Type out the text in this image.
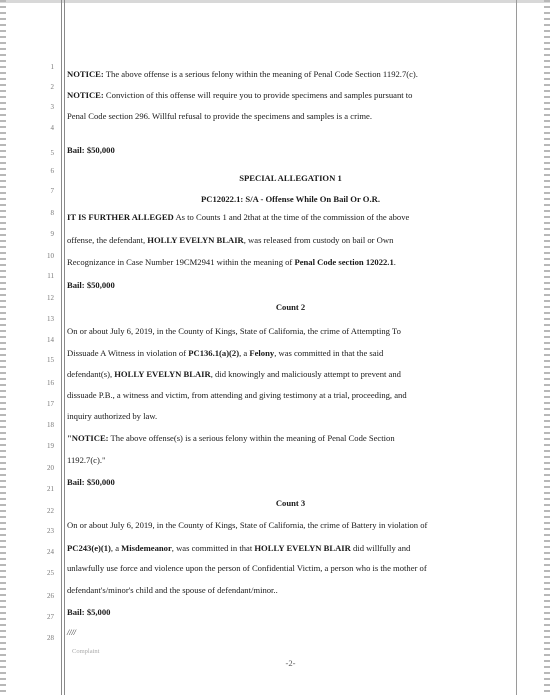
1
2
3
4
5
6
7
8
9
10
11
12
13
14
15
16
17
18
19
20
21
22
23
24
25
26
27
28
NOTICE: The above offense is a serious felony within the meaning of Penal Code Section 1192.7(c).
NOTICE: Conviction of this offense will require you to provide specimens and samples pursuant to
Penal Code section 296. Willful refusal to provide the specimens and samples is a crime.
Bail: $50,000
SPECIAL ALLEGATION 1
PC12022.1: S/A - Offense While On Bail Or O.R.
IT IS FURTHER ALLEGED As to Counts 1 and 2that at the time of the commission of the above
offense, the defendant, HOLLY EVELYN BLAIR, was released from custody on bail or Own
Recognizance in Case Number 19CM2941 within the meaning of Penal Code section 12022.1.
Bail: $50,000
Count 2
On or about July 6, 2019, in the County of Kings, State of California, the crime of Attempting To
Dissuade A Witness in violation of PC136.1(a)(2), a Felony, was committed in that the said
defendant(s), HOLLY EVELYN BLAIR, did knowingly and maliciously attempt to prevent and
dissuade P.B., a witness and victim, from attending and giving testimony at a trial, proceeding, and
inquiry authorized by law.
"NOTICE: The above offense(s) is a serious felony within the meaning of Penal Code Section
1192.7(c)."
Bail: $50,000
Count 3
On or about July 6, 2019, in the County of Kings, State of California, the crime of Battery in violation of
PC243(e)(1), a Misdemeanor, was committed in that HOLLY EVELYN BLAIR did willfully and
unlawfully use force and violence upon the person of Confidential Victim, a person who is the mother of
defendant's/minor's child and the spouse of defendant/minor..
Bail: $5,000
////
Complaint
-2-
